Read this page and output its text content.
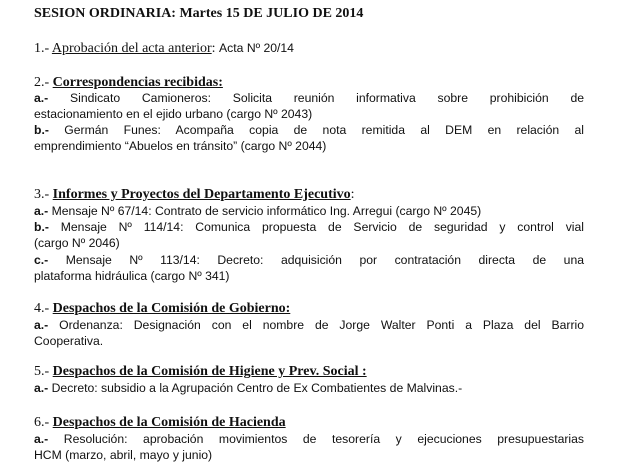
SESION ORDINARIA: Martes 15 DE JULIO DE 2014
1.- Aprobación del acta anterior: Acta Nº 20/14
2.- Correspondencias recibidas:
a.- Sindicato Camioneros: Solicita reunión informativa sobre prohibición de
estacionamiento en el ejido urbano (cargo Nº 2043)
b.- Germán Funes: Acompaña copia de nota remitida al DEM en relación al
emprendimiento “Abuelos en tránsito” (cargo Nº 2044)
3.- Informes y Proyectos del Departamento Ejecutivo:
a.- Mensaje Nº 67/14: Contrato de servicio informático Ing. Arregui (cargo Nº 2045)
b.- Mensaje Nº 114/14: Comunica propuesta de Servicio de seguridad y control vial
(cargo Nº 2046)
c.- Mensaje Nº 113/14: Decreto: adquisición por contratación directa de una
plataforma hidráulica (cargo Nº 341)
4.- Despachos de la Comisión de Gobierno:
a.- Ordenanza: Designación con el nombre de Jorge Walter Ponti a Plaza del Barrio
Cooperativa.
5.- Despachos de la Comisión de Higiene y Prev. Social :
a.- Decreto: subsidio a la Agrupación Centro de Ex Combatientes de Malvinas.-
6.- Despachos de la Comisión de Hacienda
a.- Resolución: aprobación movimientos de tesorería y ejecuciones presupuestarias
HCM (marzo, abril, mayo y junio)
